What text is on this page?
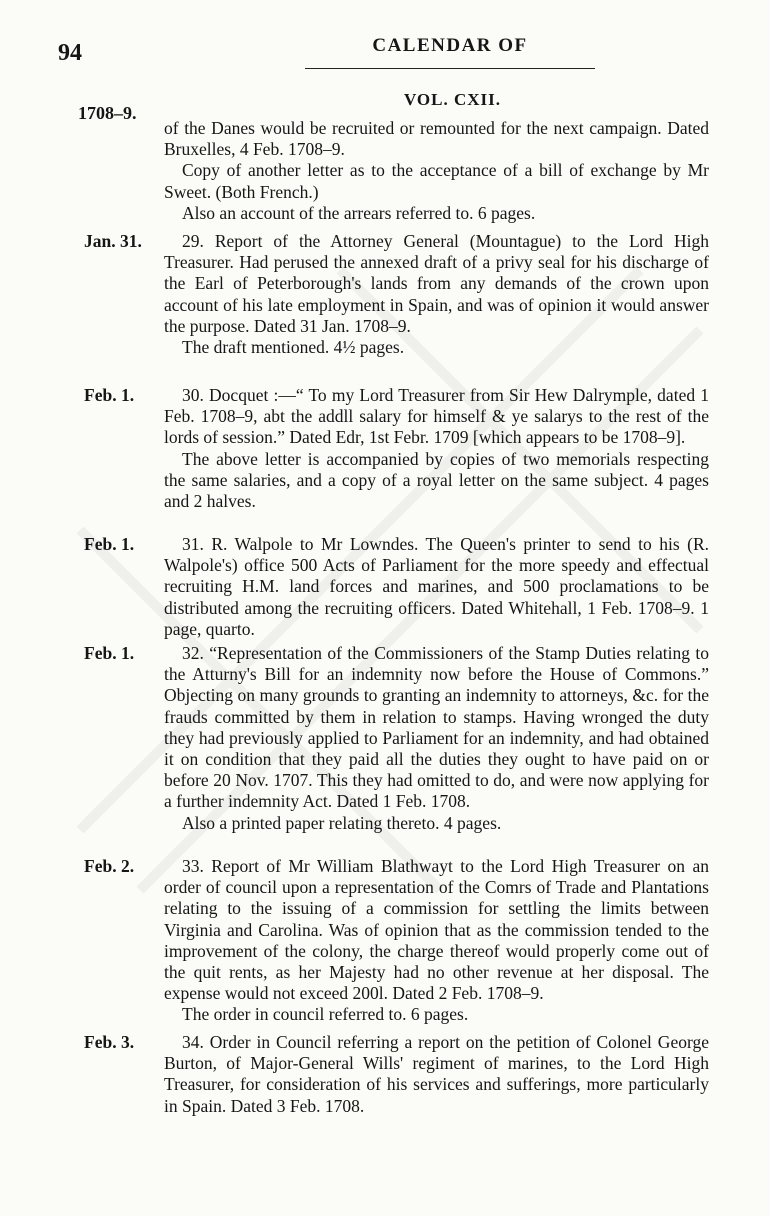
94	CALENDAR OF
VOL. CXII.
1708–9.

of the Danes would be recruited or remounted for the next campaign. Dated Bruxelles, 4 Feb. 1708–9.

Copy of another letter as to the acceptance of a bill of exchange by Mr Sweet. (Both French.)

Also an account of the arrears referred to. 6 pages.

Jan. 31.	29. Report of the Attorney General (Mountague) to the Lord High Treasurer. Had perused the annexed draft of a privy seal for his discharge of the Earl of Peterborough's lands from any demands of the crown upon account of his late employment in Spain, and was of opinion it would answer the purpose. Dated 31 Jan. 1708–9.

The draft mentioned. 4½ pages.

Feb. 1.	30. Docquet :—“ To my Lord Treasurer from Sir Hew Dalrymple, dated 1 Feb. 1708–9, abt the addll salary for himself & ye salarys to the rest of the lords of session.” Dated Edr, 1st Febr. 1709 [which appears to be 1708–9].

The above letter is accompanied by copies of two memorials respecting the same salaries, and a copy of a royal letter on the same subject. 4 pages and 2 halves.

Feb. 1.	31. R. Walpole to Mr Lowndes. The Queen's printer to send to his (R. Walpole's) office 500 Acts of Parliament for the more speedy and effectual recruiting H.M. land forces and marines, and 500 proclamations to be distributed among the recruiting officers. Dated Whitehall, 1 Feb. 1708–9. 1 page, quarto.

Feb. 1.	32. “Representation of the Commissioners of the Stamp Duties relating to the Atturny's Bill for an indemnity now before the House of Commons.” Objecting on many grounds to granting an indemnity to attorneys, &c. for the frauds committed by them in relation to stamps. Having wronged the duty they had previously applied to Parliament for an indemnity, and had obtained it on condition that they paid all the duties they ought to have paid on or before 20 Nov. 1707. This they had omitted to do, and were now applying for a further indemnity Act. Dated 1 Feb. 1708.

Also a printed paper relating thereto. 4 pages.

Feb. 2.	33. Report of Mr William Blathwayt to the Lord High Treasurer on an order of council upon a representation of the Comrs of Trade and Plantations relating to the issuing of a commission for settling the limits between Virginia and Carolina. Was of opinion that as the commission tended to the improvement of the colony, the charge thereof would properly come out of the quit rents, as her Majesty had no other revenue at her disposal. The expense would not exceed 200l. Dated 2 Feb. 1708–9.

The order in council referred to. 6 pages.

Feb. 3.	34. Order in Council referring a report on the petition of Colonel George Burton, of Major-General Wills' regiment of marines, to the Lord High Treasurer, for consideration of his services and sufferings, more particularly in Spain. Dated 3 Feb. 1708.
